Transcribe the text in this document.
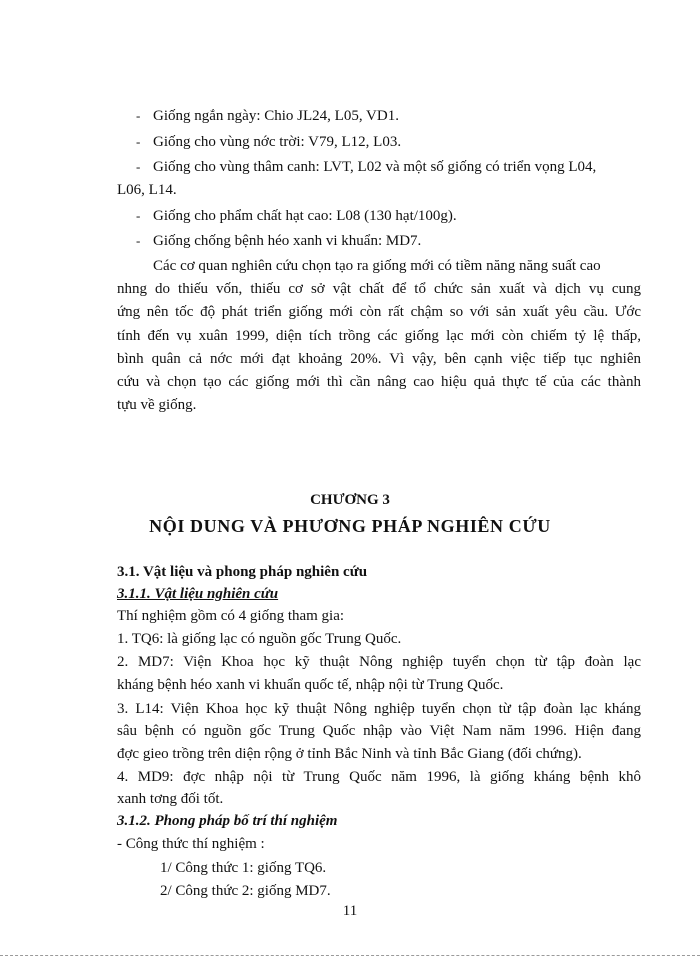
- Giống ngắn ngày: Chio JL24, L05, VD1.
- Giống cho vùng nớc trời: V79, L12, L03.
- Giống cho vùng thâm canh: LVT, L02 và một số giống có triển vọng L04,
L06, L14.
- Giống cho phẩm chất hạt cao: L08 (130 hạt/100g).
- Giống chống bệnh héo xanh vi khuẩn: MD7.
Các cơ quan nghiên cứu chọn tạo ra giống mới có tiềm năng năng suất cao
nhng do thiếu vốn, thiếu cơ sở vật chất để tổ chức sản xuất và dịch vụ cung
ứng nên tốc độ phát triển giống mới còn rất chậm so với sản xuất yêu cầu. Ước
tính đến vụ xuân 1999, diện tích trồng các giống lạc mới còn chiếm tỷ lệ thấp,
bình quân cả nớc mới đạt khoảng 20%. Vì vậy, bên cạnh việc tiếp tục nghiên
cứu và chọn tạo các giống mới thì cần nâng cao hiệu quả thực tế của các thành
tựu về giống.
CHƯƠNG 3
NỘI DUNG VÀ PHƯƠNG PHÁP NGHIÊN CỨU
3.1. Vật liệu và phong pháp nghiên cứu
3.1.1. Vật liệu nghiên cứu
Thí nghiệm gồm có 4 giống tham gia:
1. TQ6: là giống lạc có nguồn gốc Trung Quốc.
2. MD7: Viện Khoa học kỹ thuật Nông nghiệp tuyển chọn từ tập đoàn lạc
kháng bệnh héo xanh vi khuẩn quốc tế, nhập nội từ Trung Quốc.
3. L14: Viện Khoa học kỹ thuật Nông nghiệp tuyển chọn từ tập đoàn lạc kháng
sâu bệnh có nguồn gốc Trung Quốc nhập vào Việt Nam năm 1996. Hiện đang
đợc gieo trồng trên diện rộng ở tỉnh Bắc Ninh và tỉnh Bắc Giang (đối chứng).
4. MD9: đợc nhập nội từ Trung Quốc năm 1996, là giống kháng bệnh khô
xanh tơng đối tốt.
3.1.2. Phong pháp bố trí thí nghiệm
- Công thức thí nghiệm :
1/ Công thức 1: giống TQ6.
2/ Công thức 2: giống MD7.
11
